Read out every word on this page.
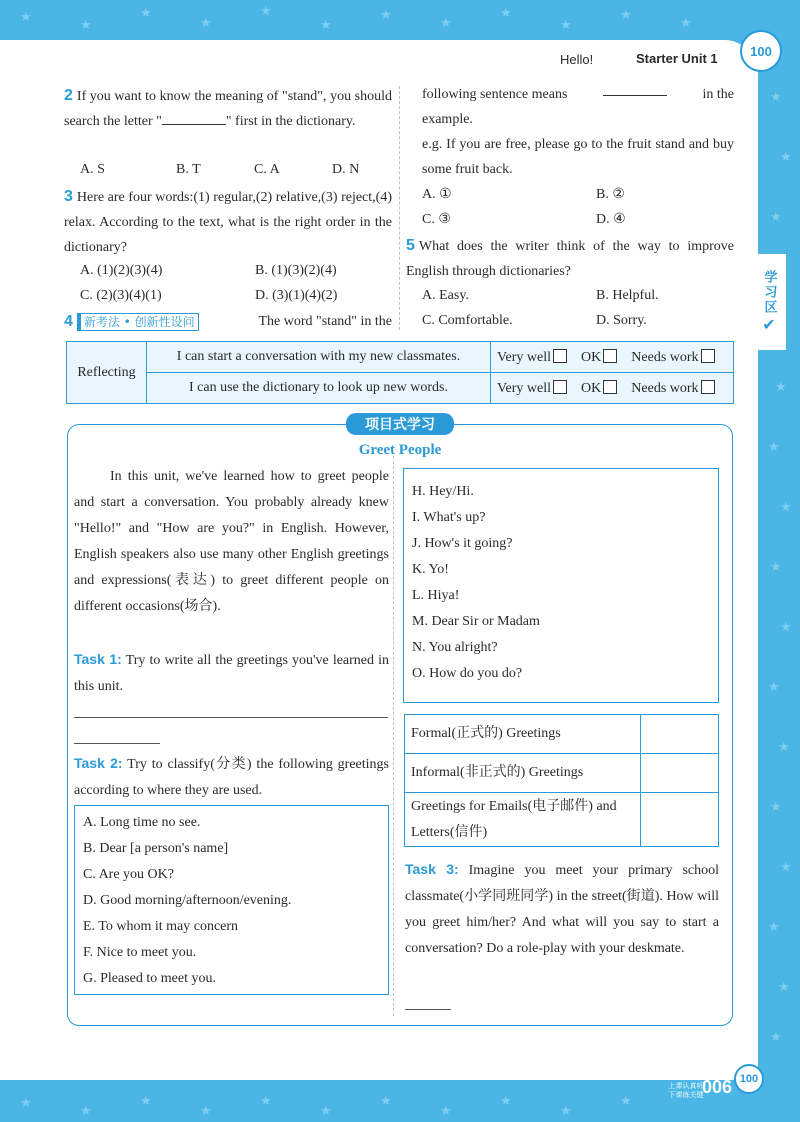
★
★
★
★
★
★
★
★
★
★
★
★
★
★
★
★
★
★
★
★
★
★
★
★
★
★
★
★
★
★
★
★
★
★
★
★
★
★
100
Hello!	Starter Unit 1
学习区
✔
2 If you want to know the meaning of "stand", you should search the letter "	" first in the dictionary.
A. S	B. T	C. A	D. N
3 Here are four words:(1) regular,(2) relative,(3) reject,(4) relax. According to the text, what is the right order in the dictionary?
A. (1)(2)(3)(4)	B. (1)(3)(2)(4)
C. (2)(3)(4)(1)	D. (3)(1)(4)(2)
4 新考法 • 创新性设问	The word "stand" in the
following sentence means	in the
example.
e.g. If you are free, please go to the fruit stand and buy some fruit back.
A. ①	B. ②
C. ③	D. ④
5 What does the writer think of the way to improve English through dictionaries?
A. Easy.	B. Helpful.
C. Comfortable.	D. Sorry.
Reflecting	I can start a conversation with my new classmates.	Very well OK Needs work
	I can use the dictionary to look up new words.	Very well OK Needs work
项目式学习
Greet People
In this unit, we've learned how to greet people and start a conversation. You probably already knew "Hello!" and "How are you?" in English. However, English speakers also use many other English greetings and expressions(表达) to greet different people on different occasions(场合).
Task 1: Try to write all the greetings you've learned in this unit.
Task 2: Try to classify(分类) the following greetings according to where they are used.
A. Long time no see.
B. Dear [a person's name]
C. Are you OK?
D. Good morning/afternoon/evening.
E. To whom it may concern
F. Nice to meet you.
G. Pleased to meet you.
H. Hey/Hi.
I. What's up?
J. How's it going?
K. Yo!
L. Hiya!
M. Dear Sir or Madam
N. You alright?
O. How do you do?
Formal(正式的) Greetings	
Informal(非正式的) Greetings	
Greetings for Emails(电子邮件) and Letters(信件)	
Task 3: Imagine you meet your primary school classmate(小学同班同学) in the street(街道). How will you greet him/her? And what will you say to start a conversation? Do a role-play with your deskmate.
上课认真听
下课练关键
006 100
